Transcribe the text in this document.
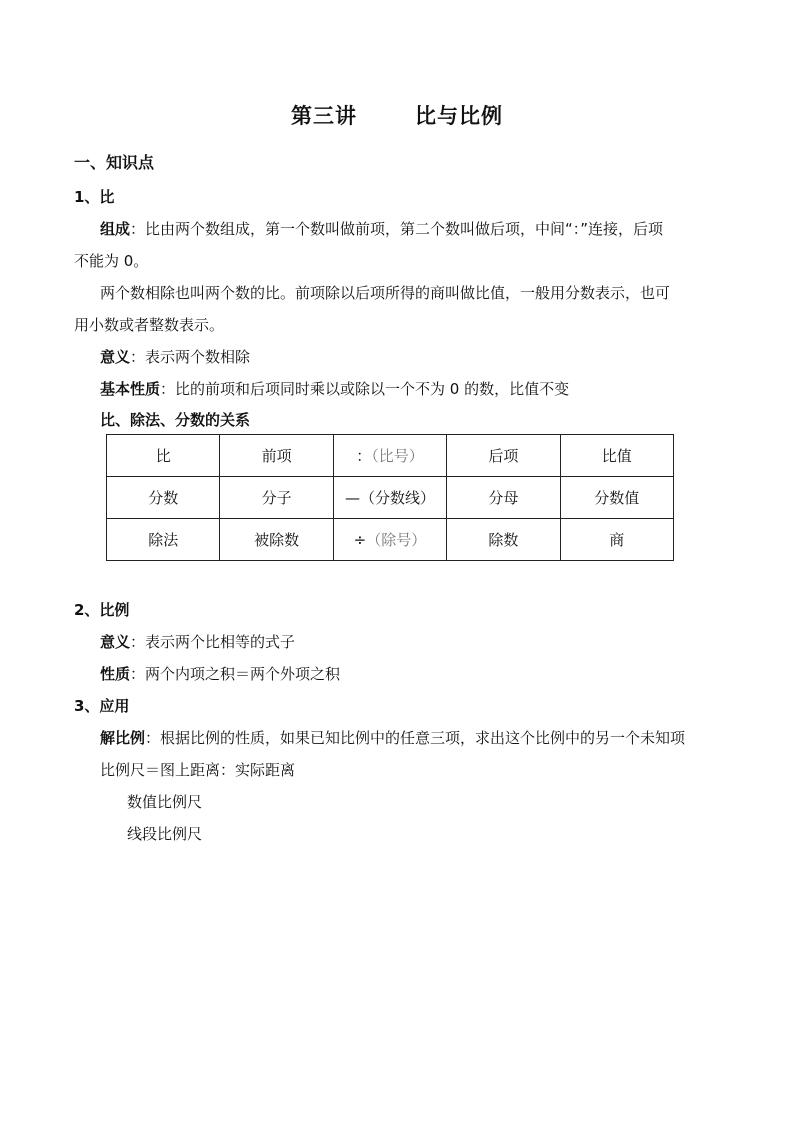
第三讲	比与比例
一、知识点
1、比
组成：比由两个数组成，第一个数叫做前项，第二个数叫做后项，中间“：”连接，后项
不能为 0。
两个数相除也叫两个数的比。前项除以后项所得的商叫做比值，一般用分数表示，也可
用小数或者整数表示。
意义：表示两个数相除
基本性质：比的前项和后项同时乘以或除以一个不为 0 的数，比值不变
比、除法、分数的关系
比	前项	：（比号）	后项	比值
分数	分子	—（分数线）	分母	分数值
除法	被除数	÷（除号）	除数	商
2、比例
意义：表示两个比相等的式子
性质：两个内项之积＝两个外项之积
3、应用
解比例：根据比例的性质，如果已知比例中的任意三项，求出这个比例中的另一个未知项
比例尺＝图上距离：实际距离
数值比例尺
线段比例尺
